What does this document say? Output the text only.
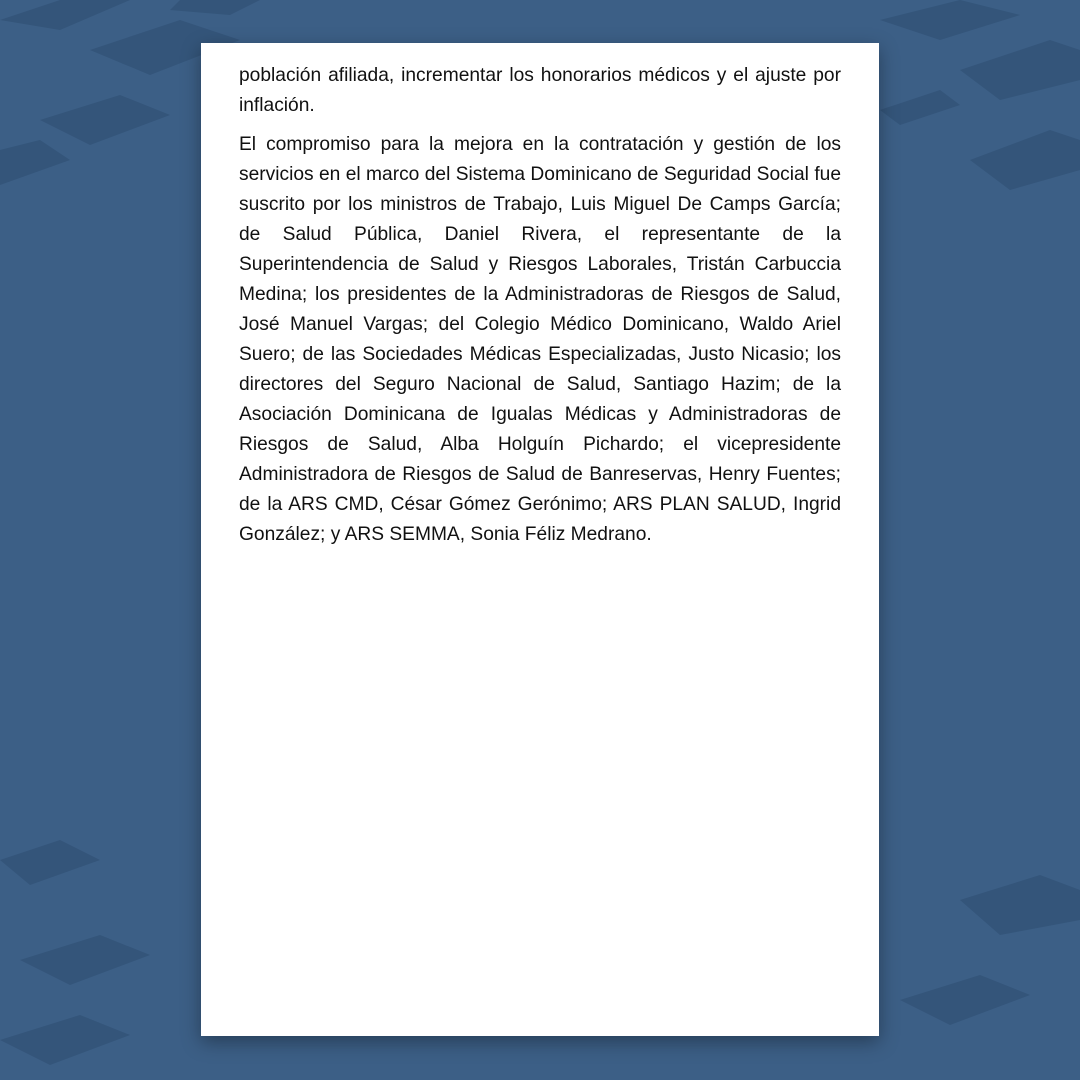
población afiliada, incrementar los honorarios médicos y el ajuste por inflación.

El compromiso para la mejora en la contratación y gestión de los servicios en el marco del Sistema Dominicano de Seguridad Social fue suscrito por los ministros de Trabajo, Luis Miguel De Camps García; de Salud Pública, Daniel Rivera, el representante de la Superintendencia de Salud y Riesgos Laborales, Tristán Carbuccia Medina; los presidentes de la Administradoras de Riesgos de Salud, José Manuel Vargas; del Colegio Médico Dominicano, Waldo Ariel Suero; de las Sociedades Médicas Especializadas, Justo Nicasio; los directores del Seguro Nacional de Salud, Santiago Hazim; de la Asociación Dominicana de Igualas Médicas y Administradoras de Riesgos de Salud, Alba Holguín Pichardo; el vicepresidente Administradora de Riesgos de Salud de Banreservas, Henry Fuentes; de la ARS CMD, César Gómez Gerónimo; ARS PLAN SALUD, Ingrid González; y ARS SEMMA, Sonia Féliz Medrano.
